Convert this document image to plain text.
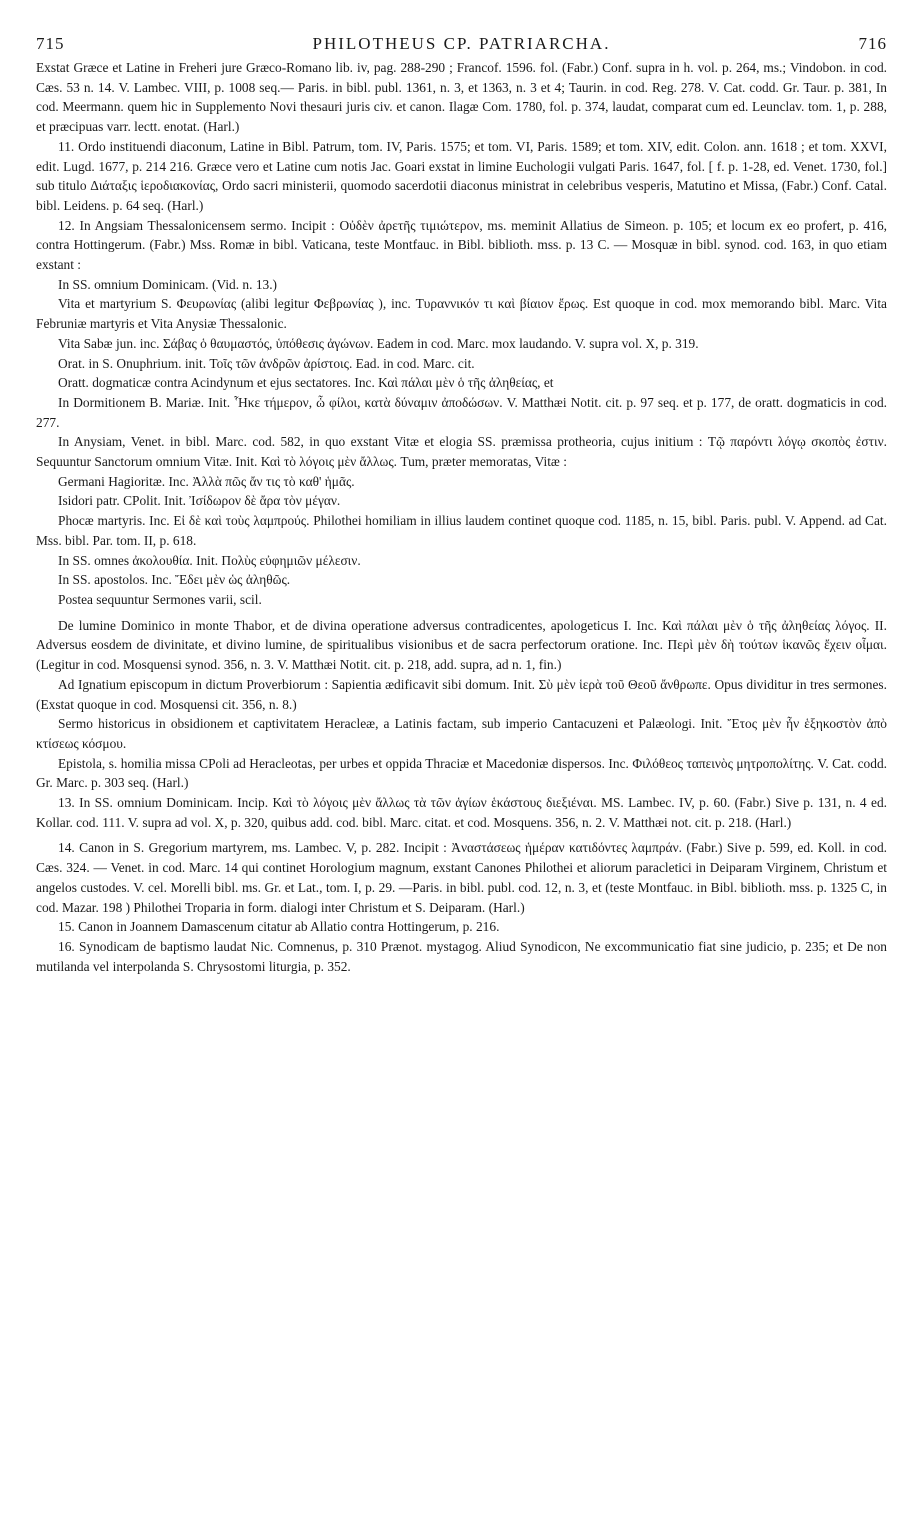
715	PHILOTHEUS CP. PATRIARCHA.	716

Exstat Græce et Latine in Freheri jure Græco-Romano lib. iv, pag. 288-290 ; Francof. 1596. fol. (Fabr.) Conf. supra in h. vol. p. 264, ms.; Vindobon. in cod. Cæs. 53 n. 14. V. Lambec. VIII, p. 1008 seq.— Paris. in bibl. publ. 1361, n. 3, et 1363, n. 3 et 4; Taurin. in cod. Reg. 278. V. Cat. codd. Gr. Taur. p. 381, In cod. Meermann. quem hic in Supplemento Novi thesauri juris civ. et canon. Ilagæ Com. 1780, fol. p. 374, laudat, comparat cum ed. Leunclav. tom. 1, p. 288, et præcipuas varr. lectt. enotat. (Harl.)

11. Ordo instituendi diaconum, Latine in Bibl. Patrum, tom. IV, Paris. 1575; et tom. VI, Paris. 1589; et tom. XIV, edit. Colon. ann. 1618 ; et tom. XXVI, edit. Lugd. 1677, p. 214 216. Græce vero et Latine cum notis Jac. Goari exstat in limine Euchologii vulgati Paris. 1647, fol. [ f. p. 1-28, ed. Venet. 1730, fol.] sub titulo Διάταξις ἱεροδιακονίας, Ordo sacri ministerii, quomodo sacerdotii diaconus ministrat in celebribus vesperis, Matutino et Missa, (Fabr.) Conf. Catal. bibl. Leidens. p. 64 seq. (Harl.)

12. In Angsiam Thessalonicensem sermo. Incipit : Οὐδὲν ἀρετῆς τιμιώτερον, ms. meminit Allatius de Simeon. p. 105; et locum ex eo profert, p. 416, contra Hottingerum. (Fabr.) Mss. Romæ in bibl. Vaticana, teste Montfauc. in Bibl. biblioth. mss. p. 13 C. — Mosquæ in bibl. synod. cod. 163, in quo etiam exstant :

In SS. omnium Dominicam. (Vid. n. 13.)

Vita et martyrium S. Φευρωνίας (alibi legitur Φεβρωνίας ), inc. Τυραννικόν τι καὶ βίαιον ἔρως. Est quoque in cod. mox memorando bibl. Marc. Vita Februniæ martyris et Vita Anysiæ Thessalonic.

Vita Sabæ jun. inc. Σάβας ὁ θαυμαστός, ὑπόθεσις ἀγώνων. Eadem in cod. Marc. mox laudando. V. supra vol. X, p. 319.

Orat. in S. Onuphrium. init. Τοῖς τῶν ἀνδρῶν ἀρίστοις. Ead. in cod. Marc. cit.

Oratt. dogmaticæ contra Acindynum et ejus sectatores. Inc. Καὶ πάλαι μὲν ὁ τῆς ἀληθείας, et

In Dormitionem B. Mariæ. Init. Ἧκε τήμερον, ὦ φίλοι, κατὰ δύναμιν ἀποδώσων. V. Matthæi Notit. cit. p. 97 seq. et p. 177, de oratt. dogmaticis in cod. 277.

In Anysiam, Venet. in bibl. Marc. cod. 582, in quo exstant Vitæ et elogia SS. præmissa protheoria, cujus initium : Τῷ παρόντι λόγῳ σκοπὸς ἐστιν. Sequuntur Sanctorum omnium Vitæ. Init. Καὶ τὸ λόγοις μὲν ἄλλως. Tum, præter memoratas, Vitæ :

Germani Hagioritæ. Inc. Ἀλλὰ πῶς ἄν τις τὸ καθ' ἡμᾶς.

Isidori patr. CPolit. Init. Ἰσίδωρον δὲ ἄρα τὸν μέγαν.

Phocæ martyris. Inc. Εἰ δὲ καὶ τοὺς λαμπρούς. Philothei homiliam in illius laudem continet quoque cod. 1185, n. 15, bibl. Paris. publ. V. Append. ad Cat. Mss. bibl. Par. tom. II, p. 618.

In SS. omnes ἀκολουθία. Init. Πολὺς εὐφημιῶν μέλεσιν.

In SS. apostolos. Inc. Ἔδει μὲν ὡς ἀληθῶς.

Postea sequuntur Sermones varii, scil.

De lumine Dominico in monte Thabor, et de divina operatione adversus contradicentes, apologeticus I. Inc. Καὶ πάλαι μὲν ὁ τῆς ἀληθείας λόγος. II. Adversus eosdem de divinitate, et divino lumine, de spiritualibus visionibus et de sacra perfectorum oratione. Inc. Περὶ μὲν δὴ τούτων ἱκανῶς ἔχειν οἶμαι. (Legitur in cod. Mosquensi synod. 356, n. 3. V. Matthæi Notit. cit. p. 218, add. supra, ad n. 1, fin.)

Ad Ignatium episcopum in dictum Proverbiorum : Sapientia ædificavit sibi domum. Init. Σὺ μὲν ἱερὰ τοῦ Θεοῦ ἄνθρωπε. Opus dividitur in tres sermones. (Exstat quoque in cod. Mosquensi cit. 356, n. 8.)

Sermo historicus in obsidionem et captivitatem Heracleæ, a Latinis factam, sub imperio Cantacuzeni et Palæologi. Init. Ἔτος μὲν ἦν ἑξηκοστὸν ἀπὸ κτίσεως κόσμου.

Epistola, s. homilia missa CPoli ad Heracleotas, per urbes et oppida Thraciæ et Macedoniæ dispersos. Inc. Φιλόθεος ταπεινὸς μητροπολίτης. V. Cat. codd. Gr. Marc. p. 303 seq. (Harl.)

13. In SS. omnium Dominicam. Incip. Καὶ τὸ λόγοις μὲν ἄλλως τὰ τῶν ἁγίων ἑκάστους διεξιέναι. MS. Lambec. IV, p. 60. (Fabr.) Sive p. 131, n. 4 ed. Kollar. cod. 111. V. supra ad vol. X, p. 320, quibus add. cod. bibl. Marc. citat. et cod. Mosquens. 356, n. 2. V. Matthæi not. cit. p. 218. (Harl.)

14. Canon in S. Gregorium martyrem, ms. Lambec. V, p. 282. Incipit : Ἀναστάσεως ἡμέραν κατιδόντες λαμπράν. (Fabr.) Sive p. 599, ed. Koll. in cod. Cæs. 324. — Venet. in cod. Marc. 14 qui continet Horologium magnum, exstant Canones Philothei et aliorum paracletici in Deiparam Virginem, Christum et angelos custodes. V. cel. Morelli bibl. ms. Gr. et Lat., tom. I, p. 29. —Paris. in bibl. publ. cod. 12, n. 3, et (teste Montfauc. in Bibl. biblioth. mss. p. 1325 C, in cod. Mazar. 198 ) Philothei Troparia in form. dialogi inter Christum et S. Deiparam. (Harl.)

15. Canon in Joannem Damascenum citatur ab Allatio contra Hottingerum, p. 216.

16. Synodicam de baptismo laudat Nic. Comnenus, p. 310 Prænot. mystagog. Aliud Synodicon, Ne excommunicatio fiat sine judicio, p. 235; et De non mutilanda vel interpolanda S. Chrysostomi liturgia, p. 352.
